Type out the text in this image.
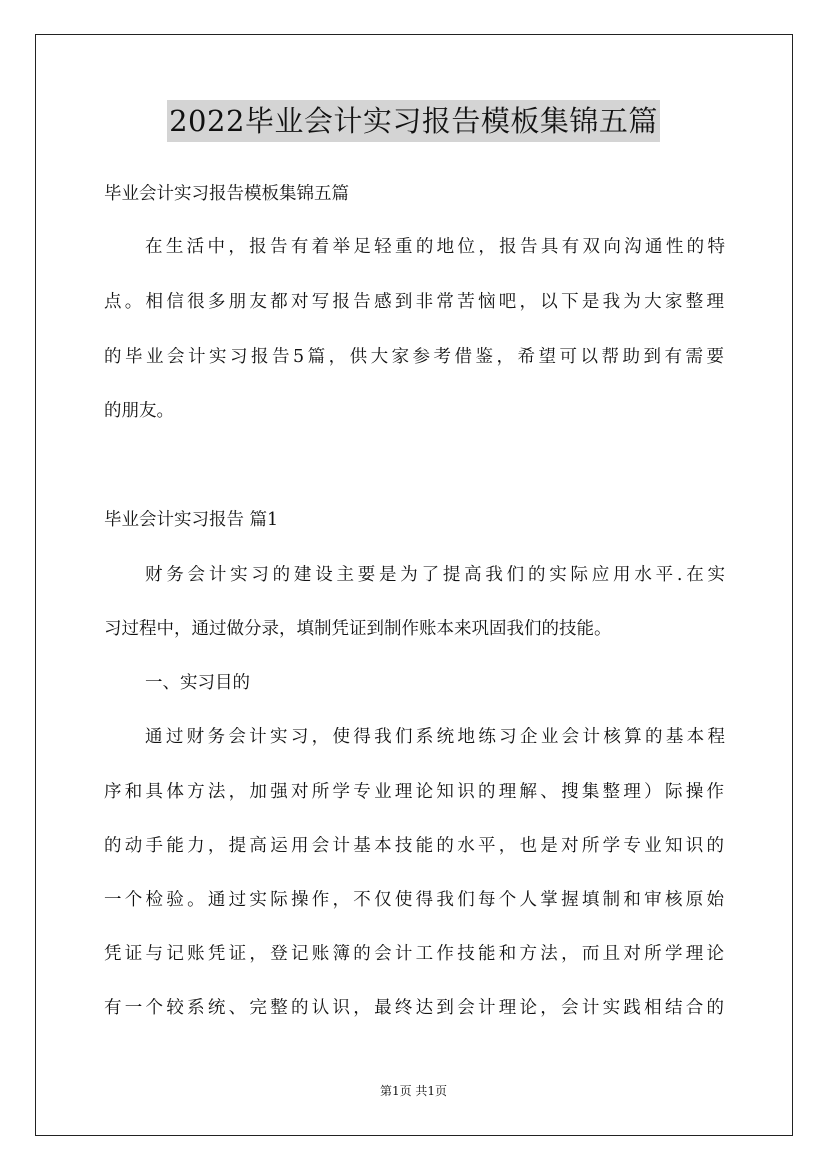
2022毕业会计实习报告模板集锦五篇
毕业会计实习报告模板集锦五篇
在生活中，报告有着举足轻重的地位，报告具有双向沟通性的特
点。相信很多朋友都对写报告感到非常苦恼吧，以下是我为大家整理
的毕业会计实习报告5篇，供大家参考借鉴，希望可以帮助到有需要
的朋友。
毕业会计实习报告 篇1
财务会计实习的建设主要是为了提高我们的实际应用水平.在实
习过程中，通过做分录，填制凭证到制作账本来巩固我们的技能。
一、实习目的
通过财务会计实习，使得我们系统地练习企业会计核算的基本程
序和具体方法，加强对所学专业理论知识的理解、搜集整理）际操作
的动手能力，提高运用会计基本技能的水平，也是对所学专业知识的
一个检验。通过实际操作，不仅使得我们每个人掌握填制和审核原始
凭证与记账凭证，登记账簿的会计工作技能和方法，而且对所学理论
有一个较系统、完整的认识，最终达到会计理论，会计实践相结合的
第1页 共1页
